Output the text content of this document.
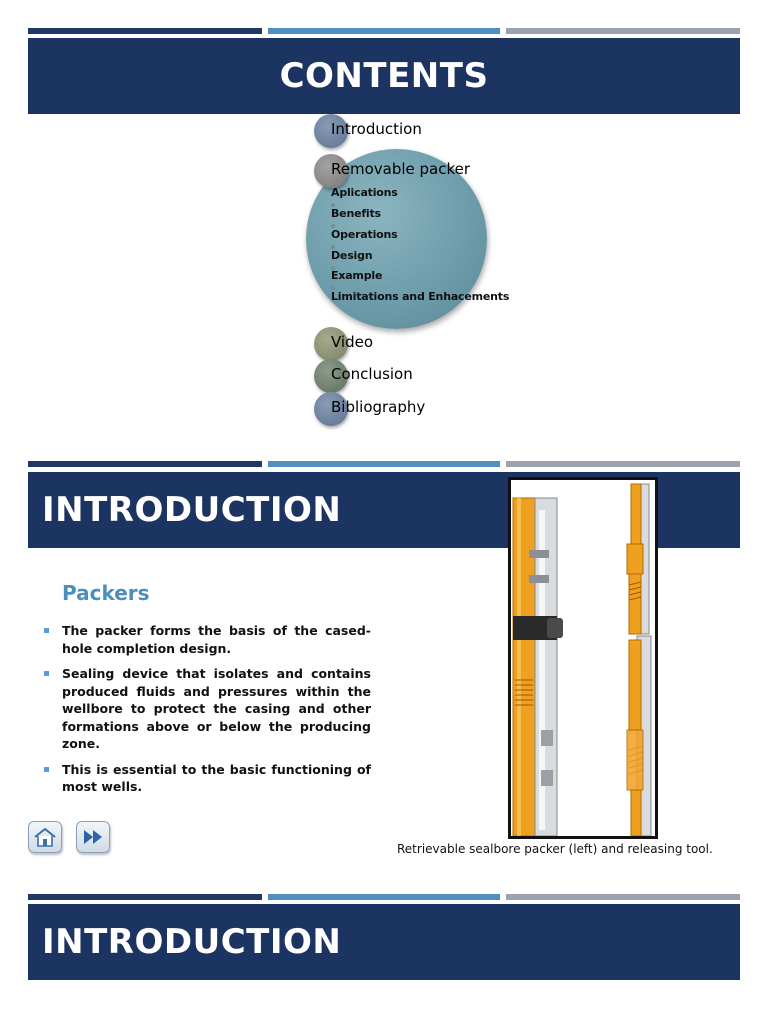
CONTENTS
Introduction
Removable packer
Aplications
Benefits
Operations
Design
Example
Limitations and Enhacements
Video
Conclusion
Bibliography
INTRODUCTION
Packers
The packer forms the basis of the cased-hole completion design.
Sealing device that isolates and contains produced fluids and pressures within the wellbore to protect the casing and other formations above or below the producing zone.
This is essential to the basic functioning of most wells.
Retrievable sealbore packer (left) and releasing tool.
INTRODUCTION
